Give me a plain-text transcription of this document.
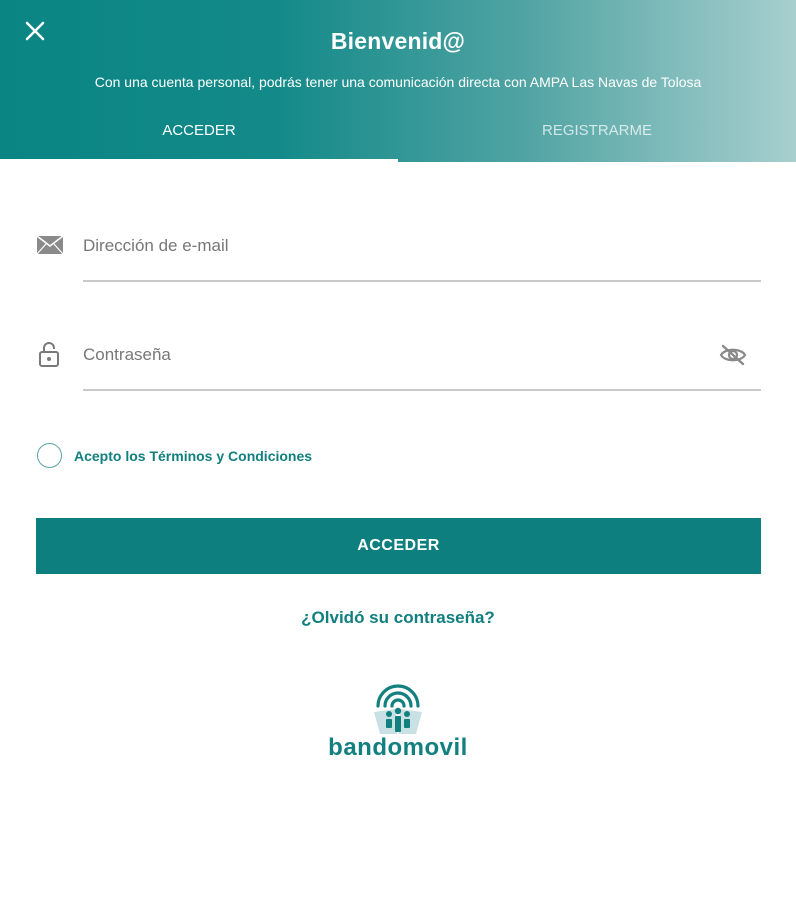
Bienvenid@
Con una cuenta personal, podrás tener una comunicación directa con AMPA Las Navas de Tolosa
ACCEDER	REGISTRARME
Dirección de e-mail
Contraseña
Acepto los Términos y Condiciones
ACCEDER
¿Olvidó su contraseña?
bandomovil
